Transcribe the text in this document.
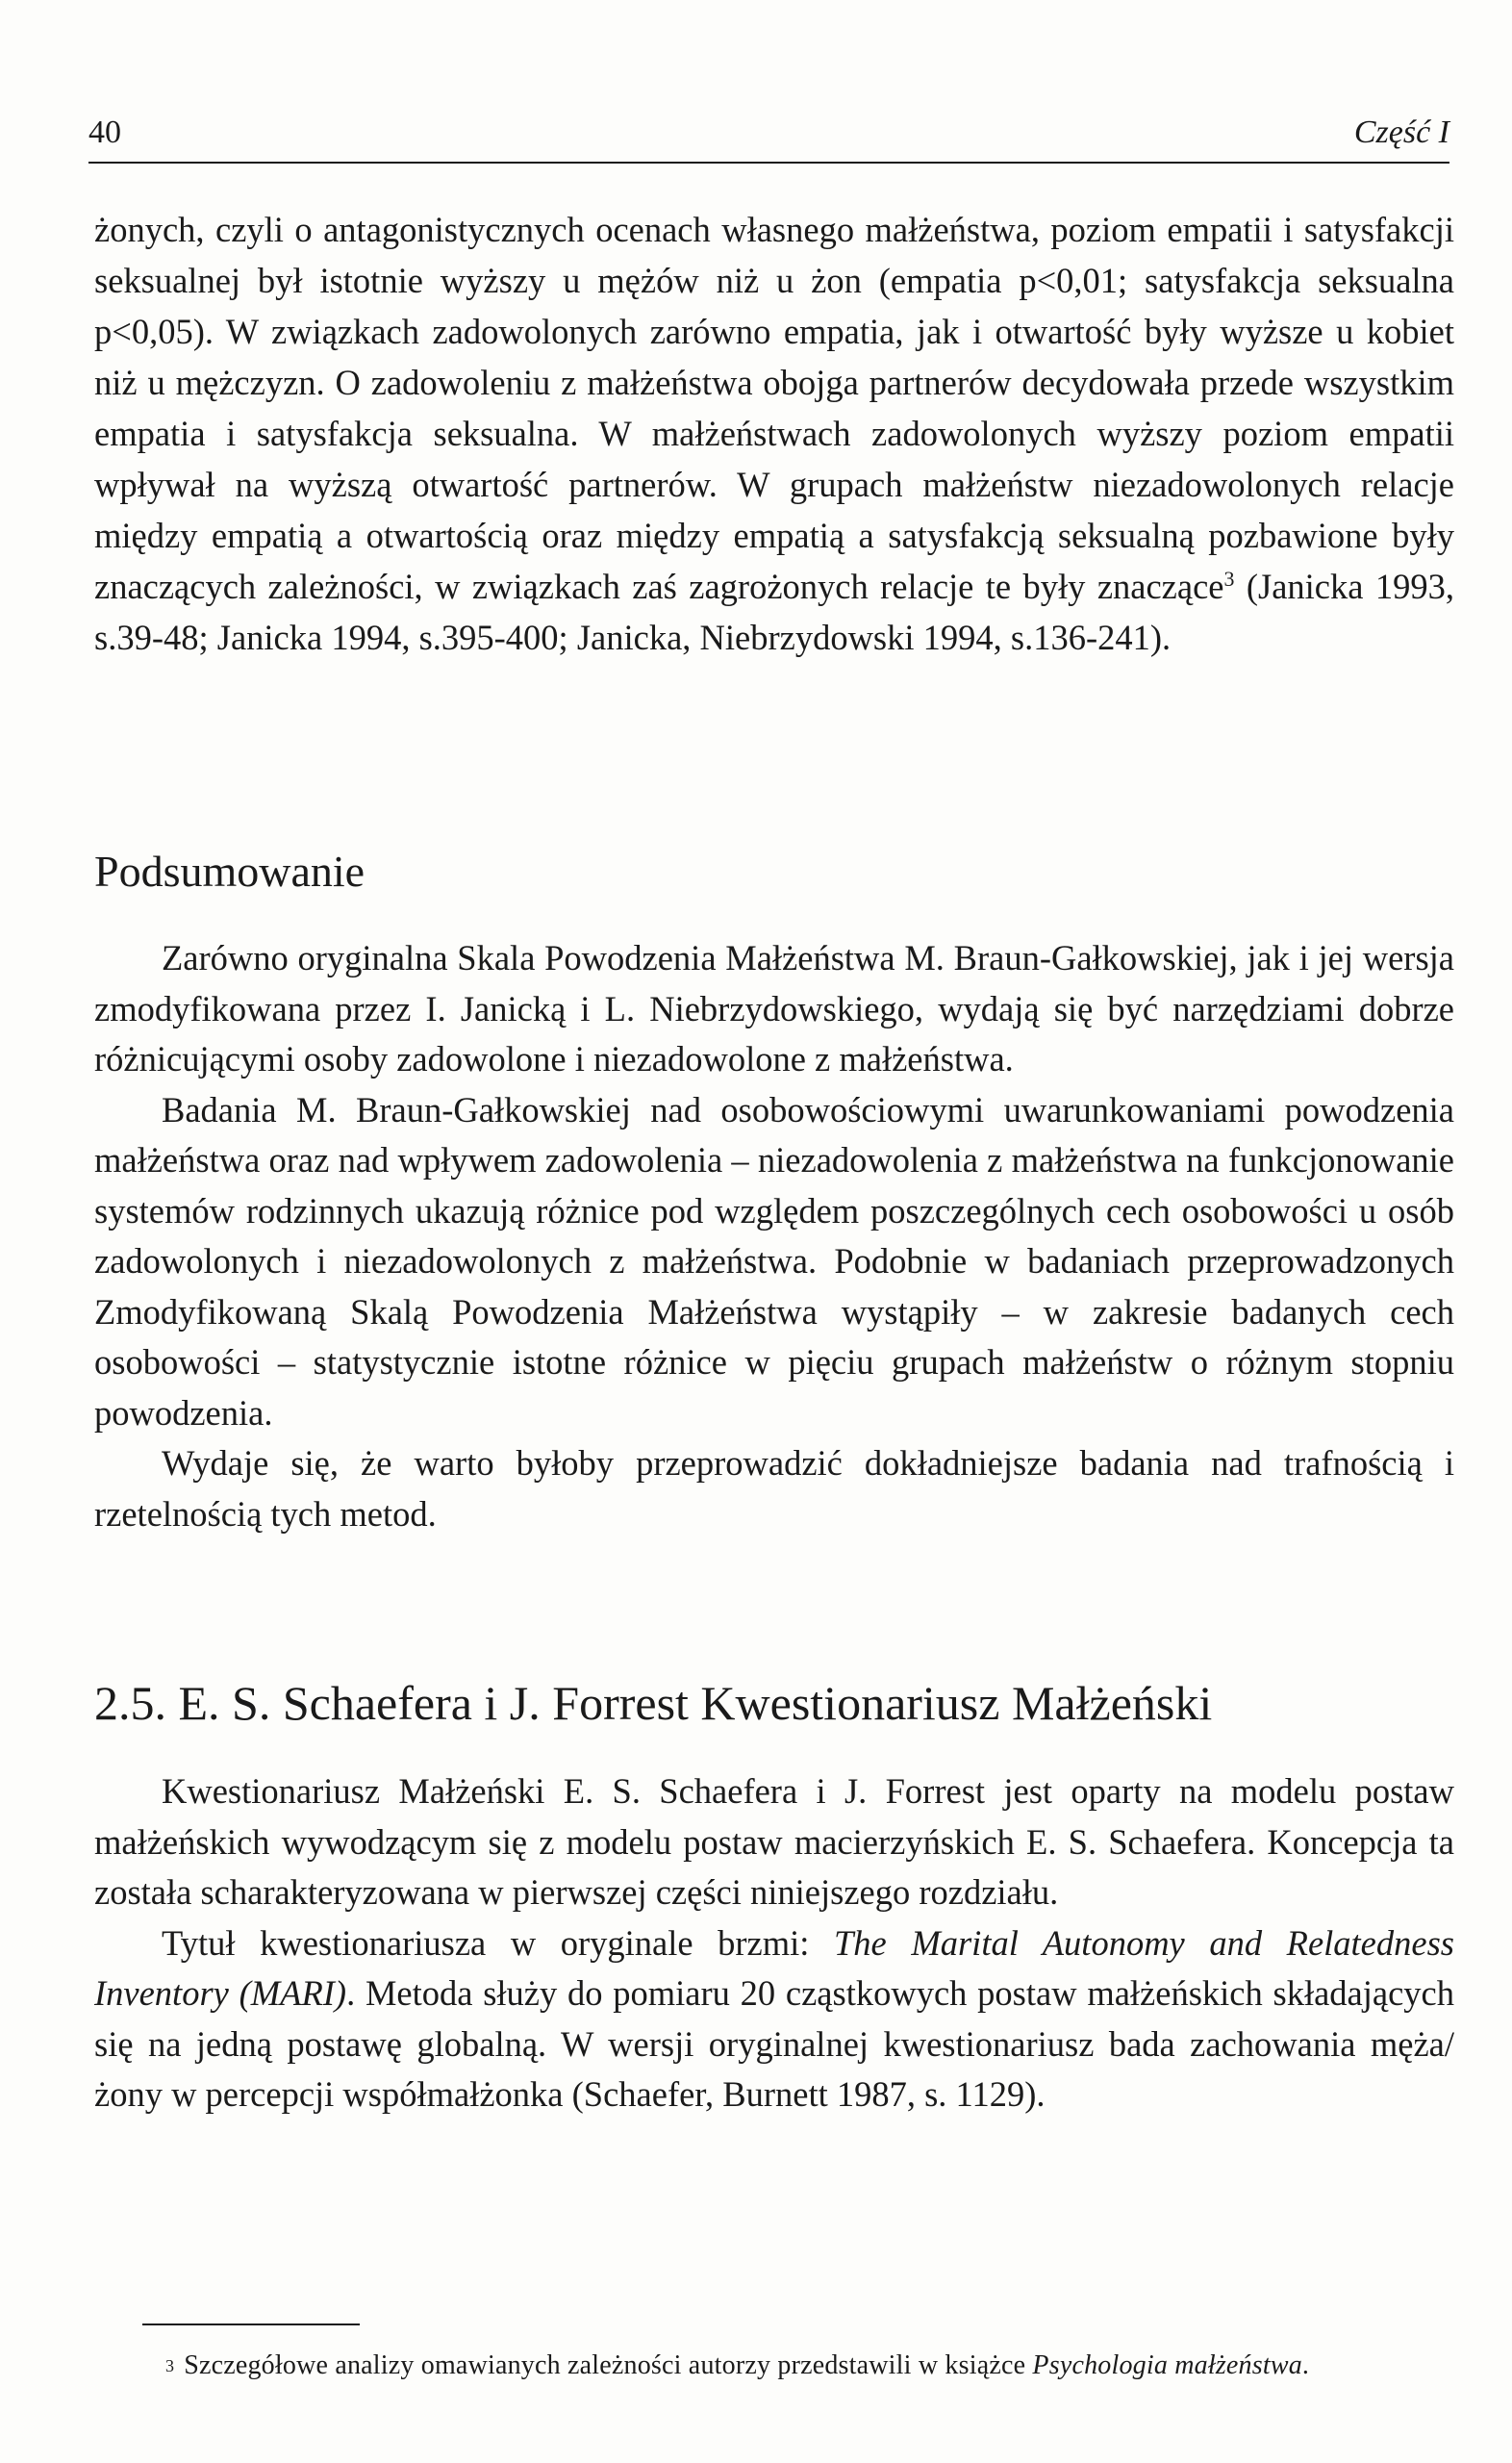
40	Część I

żonych, czyli o antagonistycznych ocenach własnego małżeństwa, poziom empatii i satysfakcji seksualnej był istotnie wyższy u mężów niż u żon (empatia p<0,01; satysfakcja seksualna p<0,05). W związkach zadowolonych zarówno empatia, jak i otwartość były wyższe u kobiet niż u mężczyzn. O zadowoleniu z małżeństwa obojga partnerów decydowała przede wszystkim empatia i satysfakcja seksualna. W małżeństwach zadowolonych wyższy poziom empatii wpływał na wyższą otwartość partnerów. W grupach małżeństw niezadowolonych relacje między empatią a otwartością oraz między empatią a satysfakcją seksualną pozbawione były znaczących zależności, w związkach zaś zagrożonych relacje te były znaczące$^3$ (Janicka 1993, s.39-48; Janicka 1994, s.395-400; Janicka, Niebrzydowski 1994, s.136-241).

Podsumowanie

Zarówno oryginalna Skala Powodzenia Małżeństwa M. Braun-Gałkowskiej, jak i jej wersja zmodyfikowana przez I. Janicką i L. Niebrzydowskiego, wydają się być narzędziami dobrze różnicującymi osoby zadowolone i niezadowolone z małżeństwa.

Badania M. Braun-Gałkowskiej nad osobowościowymi uwarunkowaniami powodzenia małżeństwa oraz nad wpływem zadowolenia – niezadowolenia z małżeństwa na funkcjonowanie systemów rodzinnych ukazują różnice pod względem poszczególnych cech osobowości u osób zadowolonych i niezadowolonych z małżeństwa. Podobnie w badaniach przeprowadzonych Zmodyfikowaną Skalą Powodzenia Małżeństwa wystąpiły – w zakresie badanych cech osobowości – statystycznie istotne różnice w pięciu grupach małżeństw o różnym stopniu powodzenia.

Wydaje się, że warto byłoby przeprowadzić dokładniejsze badania nad trafnością i rzetelnością tych metod.

2.5. E. S. Schaefera i J. Forrest Kwestionariusz Małżeński

Kwestionariusz Małżeński E. S. Schaefera i J. Forrest jest oparty na modelu postaw małżeńskich wywodzącym się z modelu postaw macierzyńskich E. S. Schaefera. Koncepcja ta została scharakteryzowana w pierwszej części niniejszego rozdziału.

Tytuł kwestionariusza w oryginale brzmi: The Marital Autonomy and Relatedness Inventory (MARI). Metoda służy do pomiaru 20 cząstkowych postaw małżeńskich składających się na jedną postawę globalną. W wersji oryginalnej kwestionariusz bada zachowania męża/żony w percepcji współmałżonka (Schaefer, Burnett 1987, s. 1129).

$^3$ Szczegółowe analizy omawianych zależności autorzy przedstawili w książce Psychologia małżeństwa.
